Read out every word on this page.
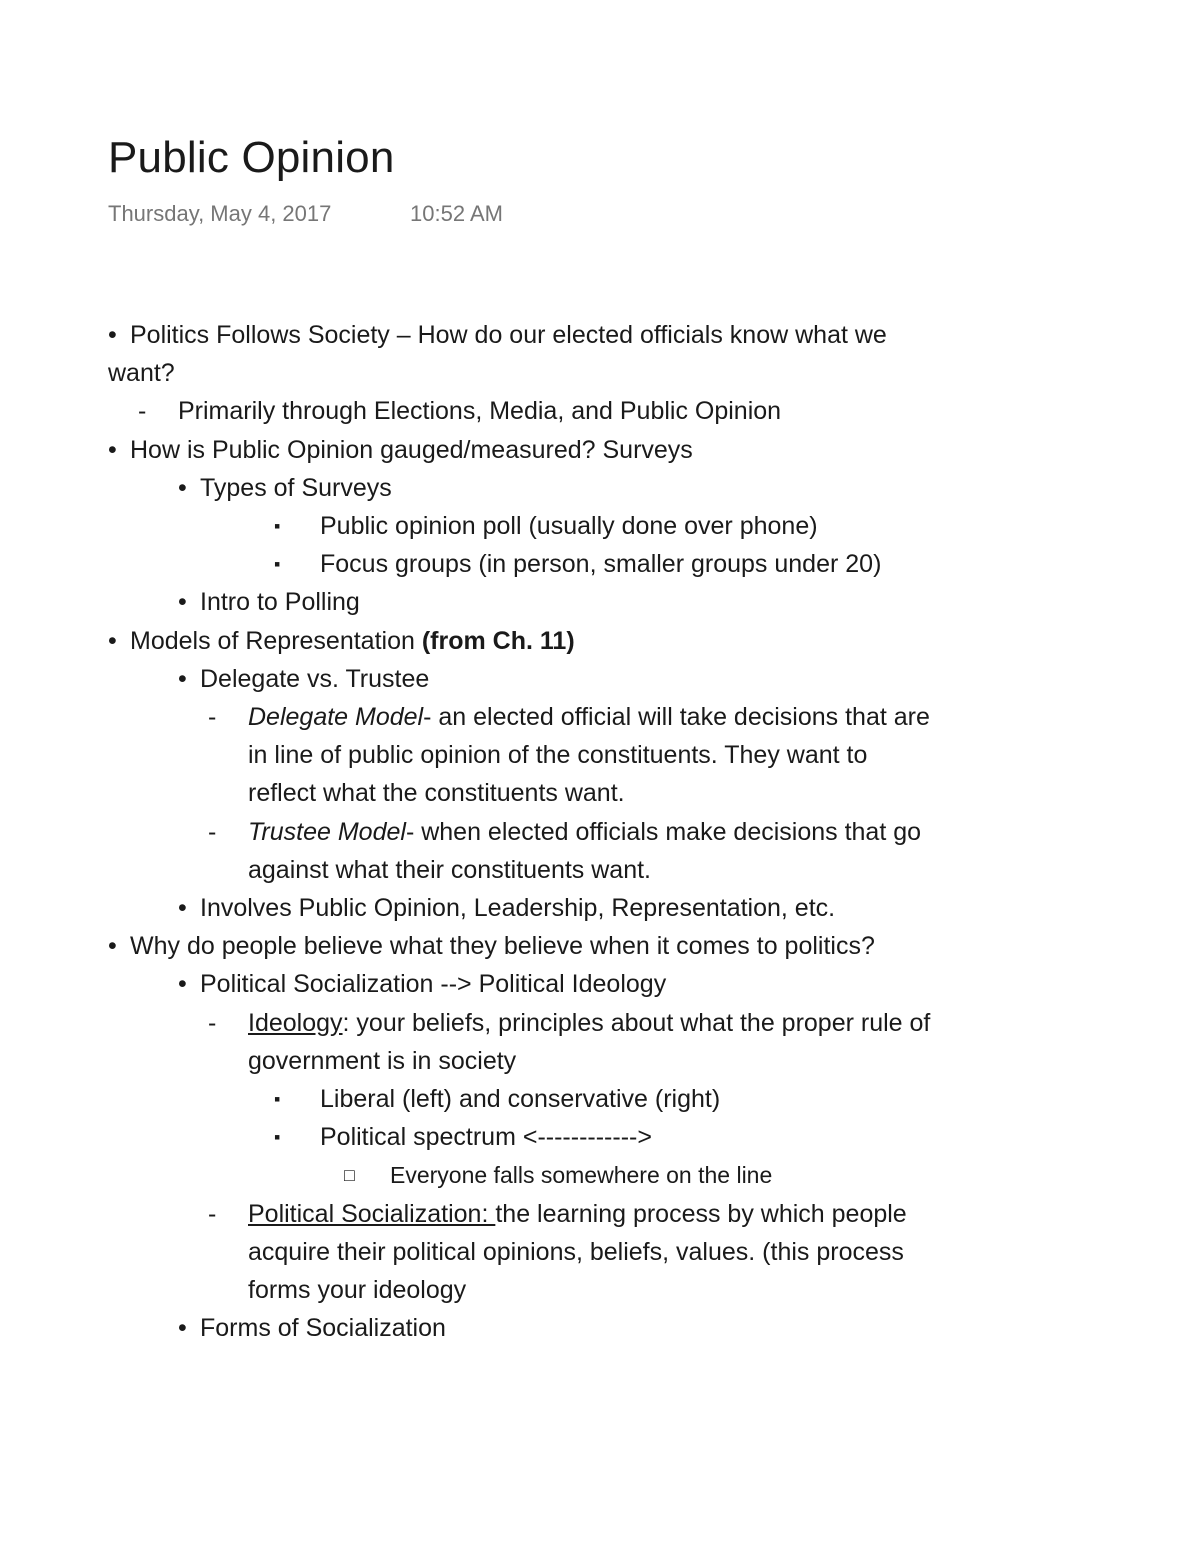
Public Opinion
Thursday, May 4, 2017	10:52 AM
• Politics Follows Society – How do our elected officials know what we want?
-	Primarily through Elections, Media, and Public Opinion
• How is Public Opinion gauged/measured? Surveys
• Types of Surveys
▪	Public opinion poll (usually done over phone)
▪	Focus groups (in person, smaller groups under 20)
• Intro to Polling
• Models of Representation (from Ch. 11)
• Delegate vs. Trustee
-	Delegate Model- an elected official will take decisions that are in line of public opinion of the constituents. They want to reflect what the constituents want.
-	Trustee Model- when elected officials make decisions that go against what their constituents want.
• Involves Public Opinion, Leadership, Representation, etc.
• Why do people believe what they believe when it comes to politics?
• Political Socialization --> Political Ideology
-	Ideology: your beliefs, principles about what the proper rule of government is in society
▪	Liberal (left) and conservative (right)
▪	Political spectrum <------------>
□	Everyone falls somewhere on the line
-	Political Socialization: the learning process by which people acquire their political opinions, beliefs, values. (this process forms your ideology
• Forms of Socialization
